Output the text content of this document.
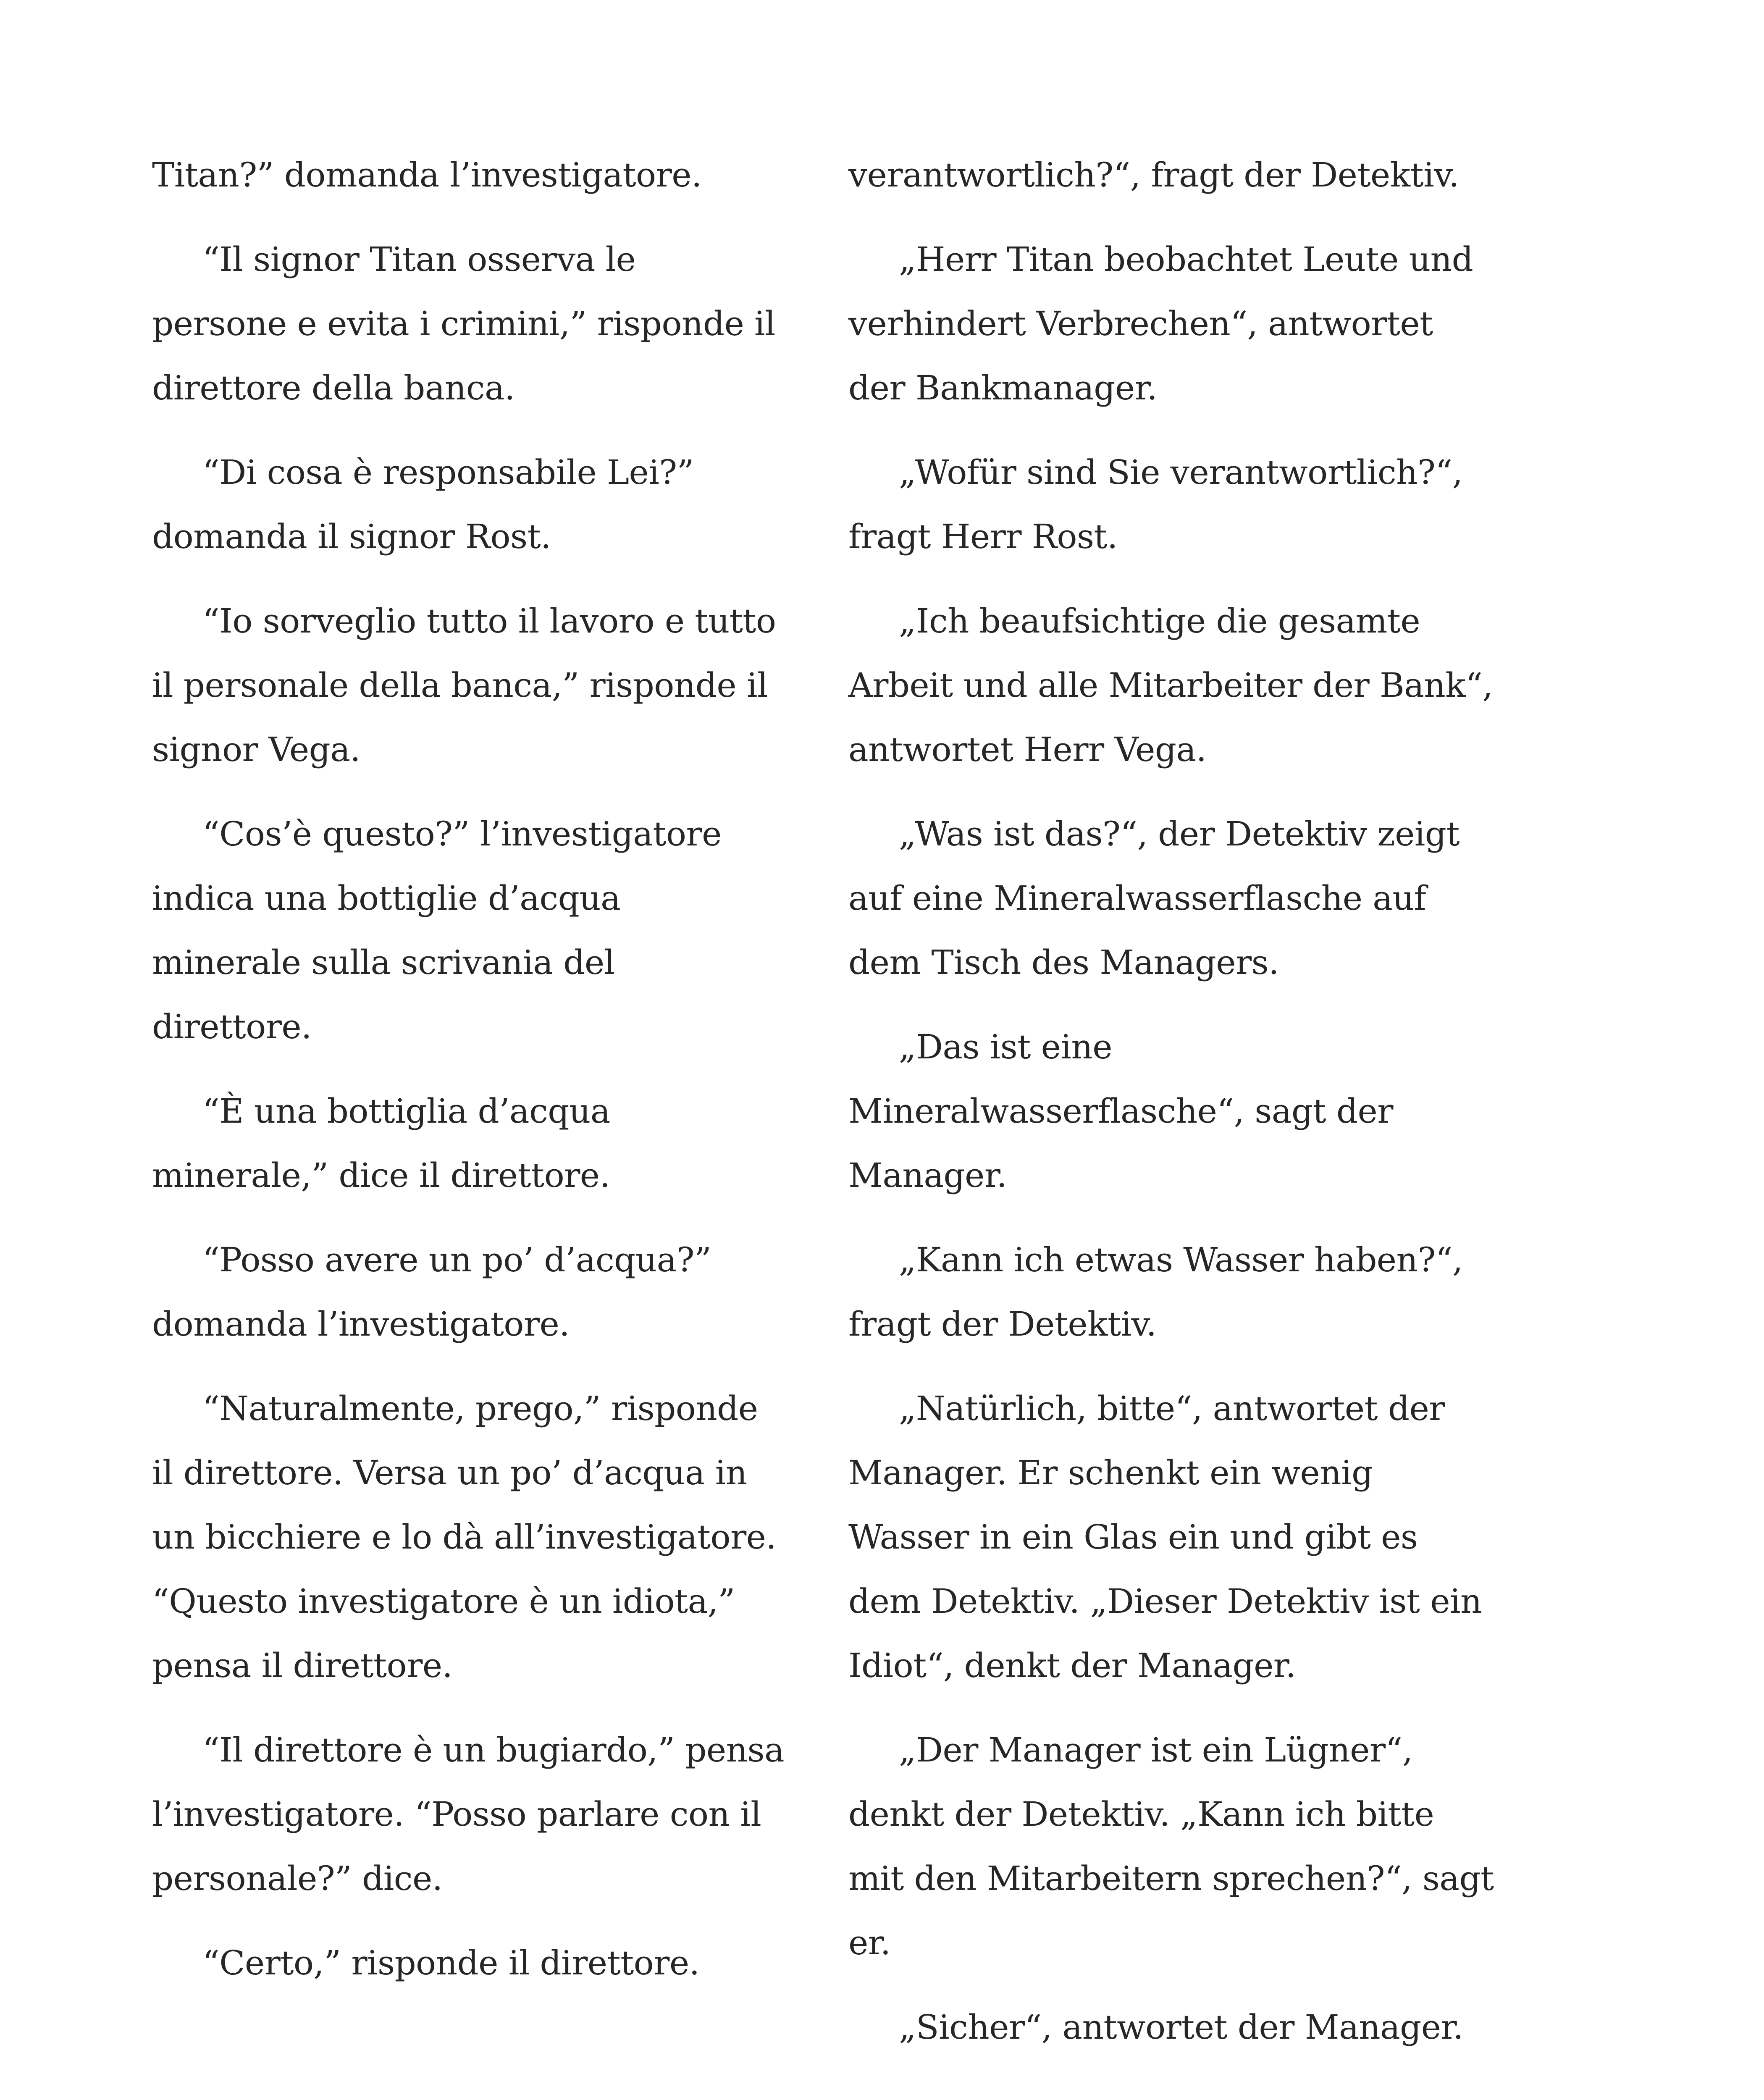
Titan?” domanda l’investigatore.

“Il signor Titan osserva le
persone e evita i crimini,” risponde il
direttore della banca.

“Di cosa è responsabile Lei?”
domanda il signor Rost.

“Io sorveglio tutto il lavoro e tutto
il personale della banca,” risponde il
signor Vega.

“Cos’è questo?” l’investigatore
indica una bottiglie d’acqua
minerale sulla scrivania del
direttore.

“È una bottiglia d’acqua
minerale,” dice il direttore.

“Posso avere un po’ d’acqua?”
domanda l’investigatore.

“Naturalmente, prego,” risponde
il direttore. Versa un po’ d’acqua in
un bicchiere e lo dà all’investigatore.
“Questo investigatore è un idiota,”
pensa il direttore.

“Il direttore è un bugiardo,” pensa
l’investigatore. “Posso parlare con il
personale?” dice.

“Certo,” risponde il direttore.

verantwortlich?“, fragt der Detektiv.

„Herr Titan beobachtet Leute und
verhindert Verbrechen“, antwortet
der Bankmanager.

„Wofür sind Sie verantwortlich?“,
fragt Herr Rost.

„Ich beaufsichtige die gesamte
Arbeit und alle Mitarbeiter der Bank“,
antwortet Herr Vega.

„Was ist das?“, der Detektiv zeigt
auf eine Mineralwasserflasche auf
dem Tisch des Managers.

„Das ist eine
Mineralwasserflasche“, sagt der
Manager.

„Kann ich etwas Wasser haben?“,
fragt der Detektiv.

„Natürlich, bitte“, antwortet der
Manager. Er schenkt ein wenig
Wasser in ein Glas ein und gibt es
dem Detektiv. „Dieser Detektiv ist ein
Idiot“, denkt der Manager.

„Der Manager ist ein Lügner“,
denkt der Detektiv. „Kann ich bitte
mit den Mitarbeitern sprechen?“, sagt
er.

„Sicher“, antwortet der Manager.
